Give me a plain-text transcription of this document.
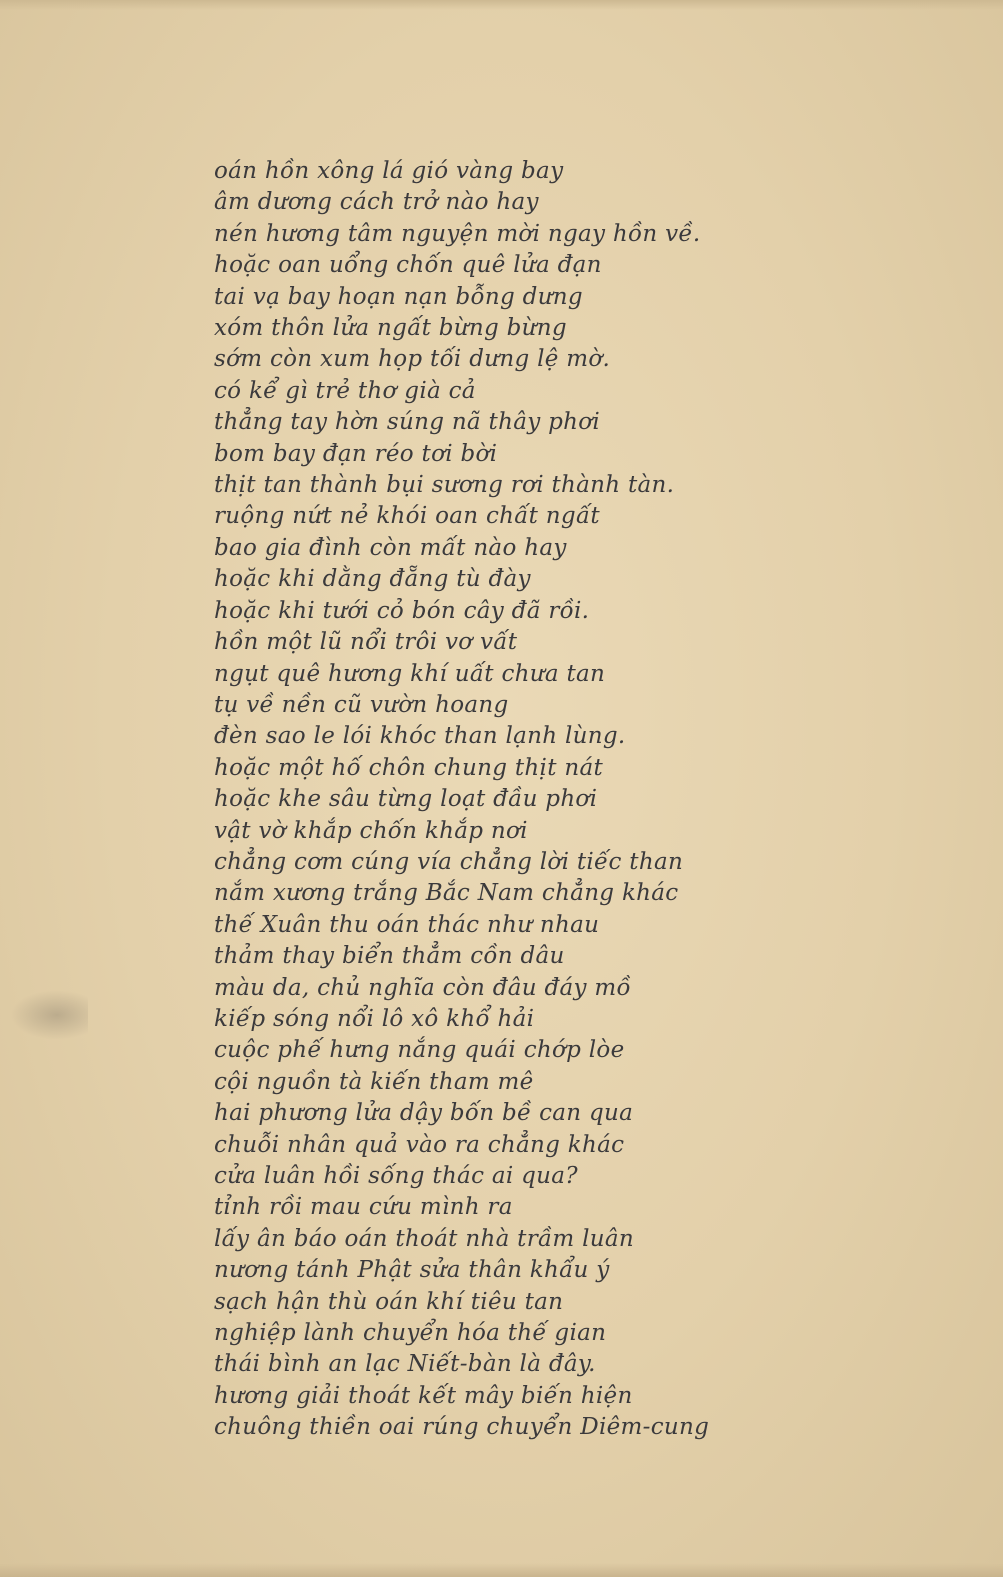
oán hồn xông lá gió vàng bay
âm dương cách trở nào hay
nén hương tâm nguyện mời ngay hồn về.
hoặc oan uổng chốn quê lửa đạn
tai vạ bay hoạn nạn bỗng dưng
xóm thôn lửa ngất bừng bừng
sớm còn xum họp tối dưng lệ mờ.
có kể gì trẻ thơ già cả
thẳng tay hờn súng nã thây phơi
bom bay đạn réo tơi bời
thịt tan thành bụi sương rơi thành tàn.
ruộng nứt nẻ khói oan chất ngất
bao gia đình còn mất nào hay
hoặc khi dằng đẵng tù đày
hoặc khi tưới cỏ bón cây đã rồi.
hồn một lũ nổi trôi vơ vất
ngụt quê hương khí uất chưa tan
tụ về nền cũ vườn hoang
đèn sao le lói khóc than lạnh lùng.
hoặc một hố chôn chung thịt nát
hoặc khe sâu từng loạt đầu phơi
vật vờ khắp chốn khắp nơi
chẳng cơm cúng vía chẳng lời tiếc than
nắm xương trắng Bắc Nam chẳng khác
thế Xuân thu oán thác như nhau
thảm thay biển thẳm cồn dâu
màu da, chủ nghĩa còn đâu đáy mồ
kiếp sóng nổi lô xô khổ hải
cuộc phế hưng nắng quái chớp lòe
cội nguồn tà kiến tham mê
hai phương lửa dậy bốn bề can qua
chuỗi nhân quả vào ra chẳng khác
cửa luân hồi sống thác ai qua?
tỉnh rồi mau cứu mình ra
lấy ân báo oán thoát nhà trầm luân
nương tánh Phật sửa thân khẩu ý
sạch hận thù oán khí tiêu tan
nghiệp lành chuyển hóa thế gian
thái bình an lạc Niết-bàn là đây.
hương giải thoát kết mây biến hiện
chuông thiền oai rúng chuyển Diêm-cung
